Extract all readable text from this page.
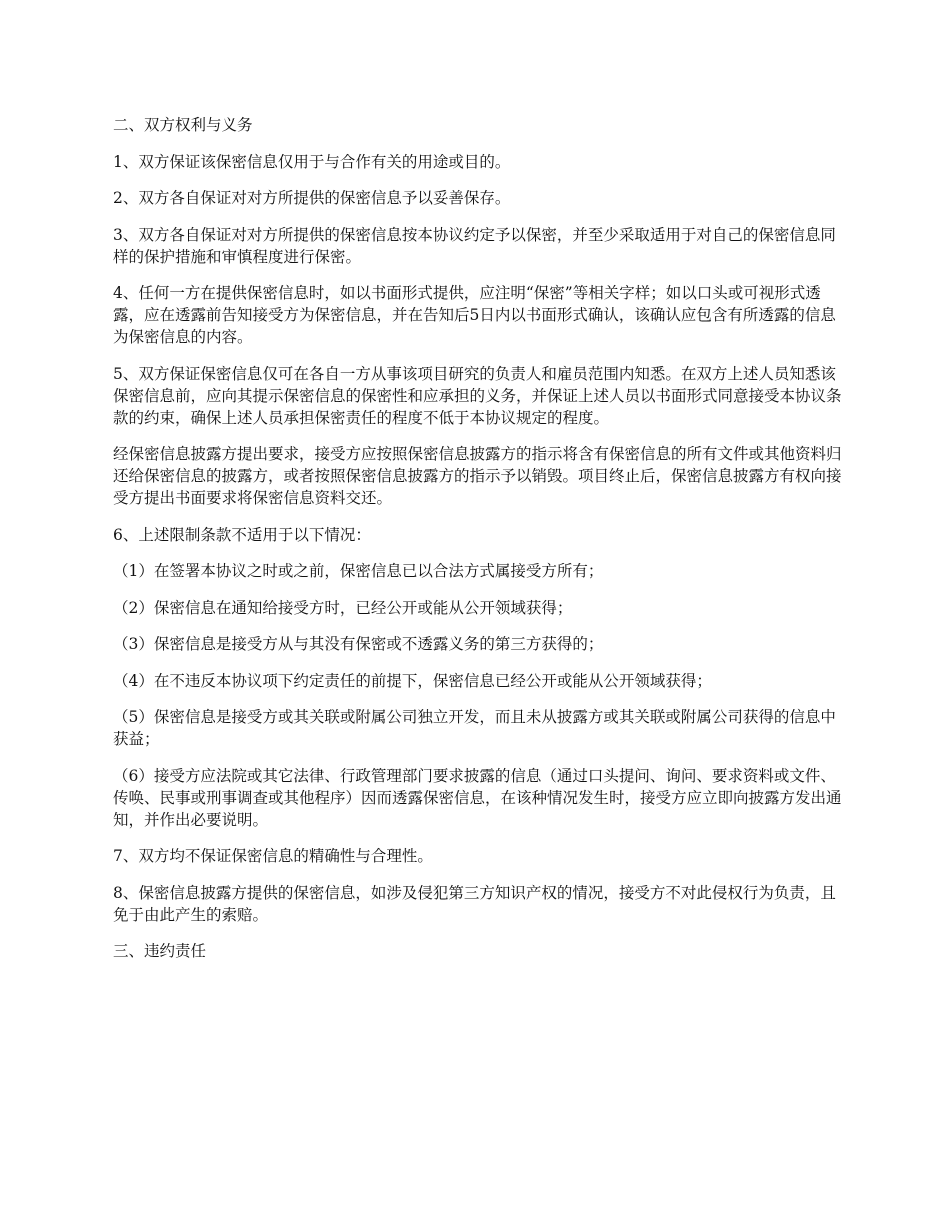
二、双方权利与义务

1、双方保证该保密信息仅用于与合作有关的用途或目的。

2、双方各自保证对对方所提供的保密信息予以妥善保存。

3、双方各自保证对对方所提供的保密信息按本协议约定予以保密，并至少采取适用于对自己的保密信息同样的保护措施和审慎程度进行保密。

4、任何一方在提供保密信息时，如以书面形式提供，应注明“保密”等相关字样；如以口头或可视形式透露，应在透露前告知接受方为保密信息，并在告知后5日内以书面形式确认，该确认应包含有所透露的信息为保密信息的内容。

5、双方保证保密信息仅可在各自一方从事该项目研究的负责人和雇员范围内知悉。在双方上述人员知悉该保密信息前，应向其提示保密信息的保密性和应承担的义务，并保证上述人员以书面形式同意接受本协议条款的约束，确保上述人员承担保密责任的程度不低于本协议规定的程度。

经保密信息披露方提出要求，接受方应按照保密信息披露方的指示将含有保密信息的所有文件或其他资料归还给保密信息的披露方，或者按照保密信息披露方的指示予以销毁。项目终止后，保密信息披露方有权向接受方提出书面要求将保密信息资料交还。

6、上述限制条款不适用于以下情况：

（1）在签署本协议之时或之前，保密信息已以合法方式属接受方所有；

（2）保密信息在通知给接受方时，已经公开或能从公开领域获得；

（3）保密信息是接受方从与其没有保密或不透露义务的第三方获得的；

（4）在不违反本协议项下约定责任的前提下，保密信息已经公开或能从公开领域获得；

（5）保密信息是接受方或其关联或附属公司独立开发，而且未从披露方或其关联或附属公司获得的信息中获益；

（6）接受方应法院或其它法律、行政管理部门要求披露的信息（通过口头提问、询问、要求资料或文件、传唤、民事或刑事调查或其他程序）因而透露保密信息，在该种情况发生时，接受方应立即向披露方发出通知，并作出必要说明。

7、双方均不保证保密信息的精确性与合理性。

8、保密信息披露方提供的保密信息，如涉及侵犯第三方知识产权的情况，接受方不对此侵权行为负责，且免于由此产生的索赔。

三、违约责任
